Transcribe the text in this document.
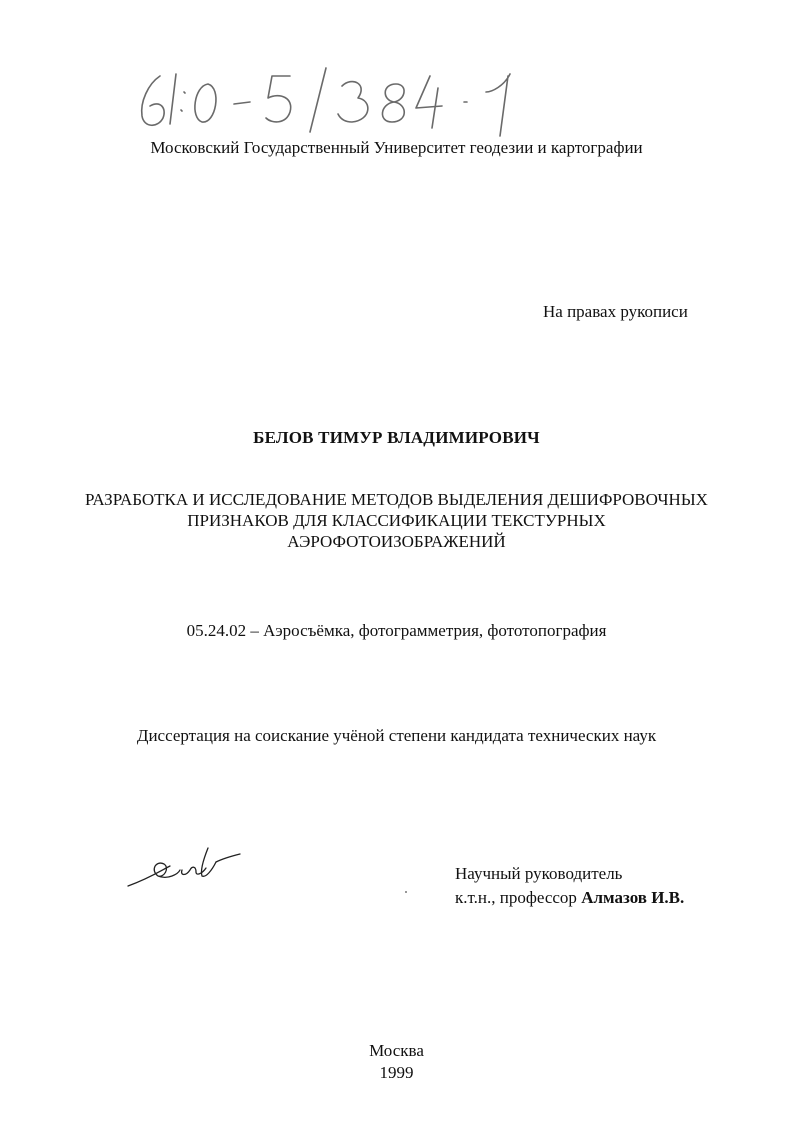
Московский Государственный Университет геодезии и картографии
На правах рукописи
БЕЛОВ ТИМУР ВЛАДИМИРОВИЧ
РАЗРАБОТКА И ИССЛЕДОВАНИЕ МЕТОДОВ ВЫДЕЛЕНИЯ ДЕШИФРОВОЧНЫХ
ПРИЗНАКОВ ДЛЯ КЛАССИФИКАЦИИ ТЕКСТУРНЫХ
АЭРОФОТОИЗОБРАЖЕНИЙ
05.24.02 – Аэросъёмка, фотограмметрия, фототопография
Диссертация на соискание учёной степени кандидата технических наук
Научный руководитель
к.т.н., профессор Алмазов И.В.
Москва
1999
